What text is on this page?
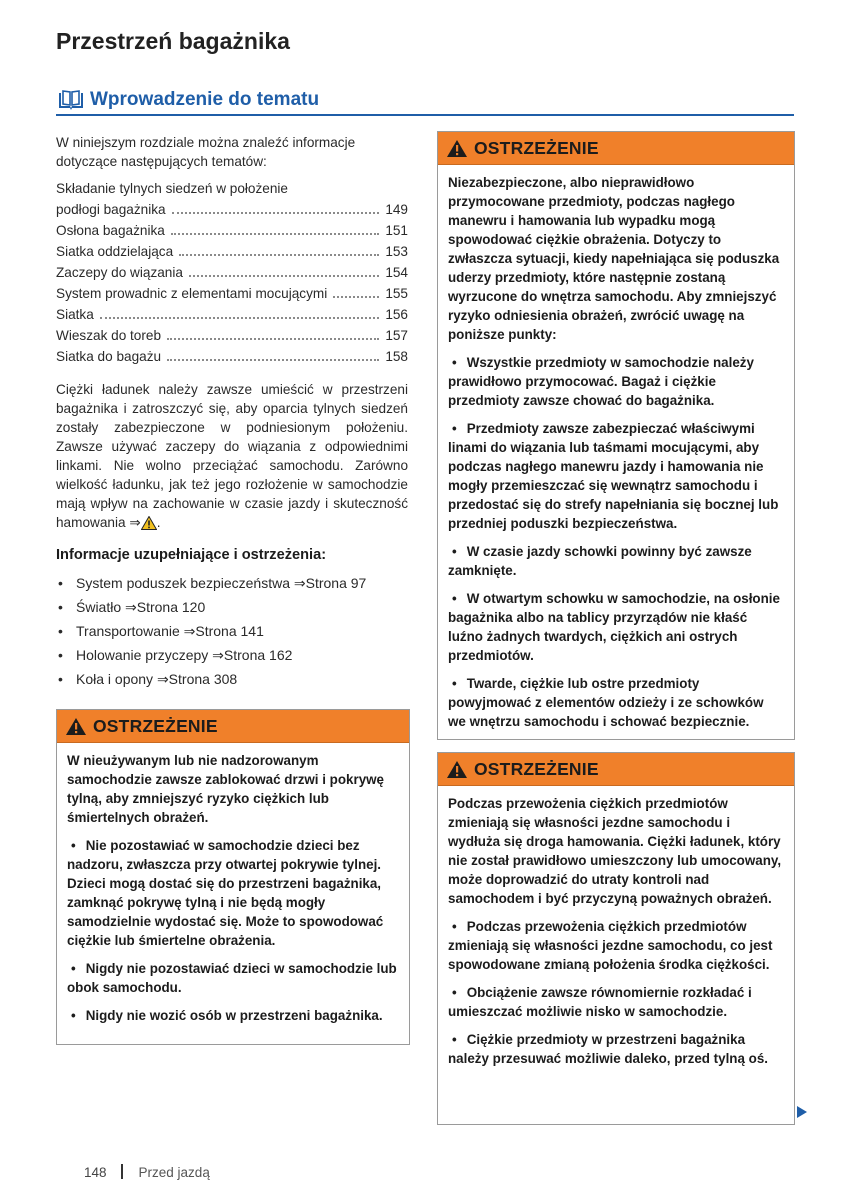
Przestrzeń bagażnika
Wprowadzenie do tematu

W niniejszym rozdziale można znaleźć informacje dotyczące następujących tematów:

Składanie tylnych siedzeń w położenie
podłogi bagażnika	149
Osłona bagażnika	151
Siatka oddzielająca	153
Zaczepy do wiązania	154
System prowadnic z elementami mocującymi	155
Siatka	156
Wieszak do toreb	157
Siatka do bagażu	158

Ciężki ładunek należy zawsze umieścić w przestrzeni bagażnika i zatroszczyć się, aby oparcia tylnych siedzeń zostały zabezpieczone w podniesionym położeniu. Zawsze używać zaczepy do wiązania z odpowiednimi linkami. Nie wolno przeciążać samochodu. Zarówno wielkość ładunku, jak też jego rozłożenie w samochodzie mają wpływ na zachowanie w czasie jazdy i skuteczność hamowania ⇒ .

Informacje uzupełniające i ostrzeżenia:
• System poduszek bezpieczeństwa ⇒Strona 97
• Światło ⇒Strona 120
• Transportowanie ⇒Strona 141
• Holowanie przyczepy ⇒Strona 162
• Koła i opony ⇒Strona 308
OSTRZEŻENIE

W nieużywanym lub nie nadzorowanym samochodzie zawsze zablokować drzwi i pokrywę tylną, aby zmniejszyć ryzyko ciężkich lub śmiertelnych obrażeń.

• Nie pozostawiać w samochodzie dzieci bez nadzoru, zwłaszcza przy otwartej pokrywie tylnej. Dzieci mogą dostać się do przestrzeni bagażnika, zamknąć pokrywę tylną i nie będą mogły samodzielnie wydostać się. Może to spowodować ciężkie lub śmiertelne obrażenia.

• Nigdy nie pozostawiać dzieci w samochodzie lub obok samochodu.

• Nigdy nie wozić osób w przestrzeni bagażnika.

OSTRZEŻENIE

Niezabezpieczone, albo nieprawidłowo przymocowane przedmioty, podczas nagłego manewru i hamowania lub wypadku mogą spowodować ciężkie obrażenia. Dotyczy to zwłaszcza sytuacji, kiedy napełniająca się poduszka uderzy przedmioty, które następnie zostaną wyrzucone do wnętrza samochodu. Aby zmniejszyć ryzyko odniesienia obrażeń, zwrócić uwagę na poniższe punkty:

• Wszystkie przedmioty w samochodzie należy prawidłowo przymocować. Bagaż i ciężkie przedmioty zawsze chować do bagażnika.

• Przedmioty zawsze zabezpieczać właściwymi linami do wiązania lub taśmami mocującymi, aby podczas nagłego manewru jazdy i hamowania nie mogły przemieszczać się wewnątrz samochodu i przedostać się do strefy napełniania się bocznej lub przedniej poduszki bezpieczeństwa.

• W czasie jazdy schowki powinny być zawsze zamknięte.

• W otwartym schowku w samochodzie, na osłonie bagażnika albo na tablicy przyrządów nie kłaść luźno żadnych twardych, ciężkich ani ostrych przedmiotów.

• Twarde, ciężkie lub ostre przedmioty powyjmować z elementów odzieży i ze schowków we wnętrzu samochodu i schować bezpiecznie.

OSTRZEŻENIE

Podczas przewożenia ciężkich przedmiotów zmieniają się własności jezdne samochodu i wydłuża się droga hamowania. Ciężki ładunek, który nie został prawidłowo umieszczony lub umocowany, może doprowadzić do utraty kontroli nad samochodem i być przyczyną poważnych obrażeń.

• Podczas przewożenia ciężkich przedmiotów zmieniają się własności jezdne samochodu, co jest spowodowane zmianą położenia środka ciężkości.

• Obciążenie zawsze równomiernie rozkładać i umieszczać możliwie nisko w samochodzie.

• Ciężkie przedmioty w przestrzeni bagażnika należy przesuwać możliwie daleko, przed tylną oś.

148 Przed jazdą
